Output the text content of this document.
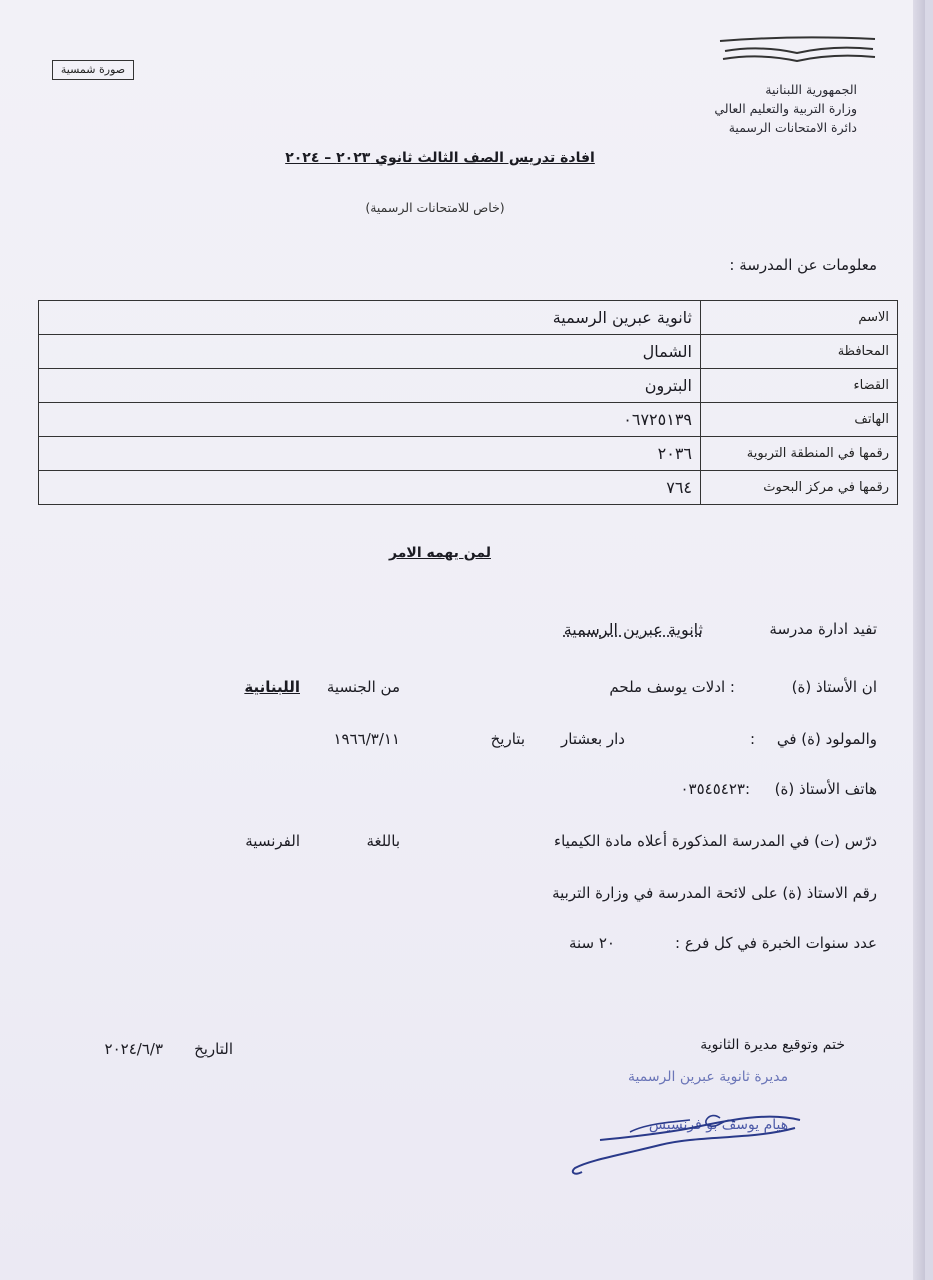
صورة شمسية
الجمهورية اللبنانية
وزارة التربية والتعليم العالي
دائرة الامتحانات الرسمية
افادة تدريس الصف الثالث ثانوي ٢٠٢٣ – ٢٠٢٤
(خاص للامتحانات الرسمية)
معلومات عن المدرسة :
الاسم	ثانوية عبرين الرسمية
المحافظة	الشمال
القضاء	البترون
الهاتف	٠٦٧٢٥١٣٩
رقمها في المنطقة التربوية	٢٠٣٦
رقمها في مركز البحوث	٧٦٤
لمن يهمه الامر
تفيد ادارة مدرسة
ثانوية عبرين الرسمية
ان الأستاذ (ة)
: ادلات يوسف ملحم
من الجنسية
اللبنانية
والمولود (ة) في
:
دار بعشتار
بتاريخ
١٩٦٦/٣/١١
هاتف الأستاذ (ة)
:٠٣٥٤٥٤٢٣
درّس (ت) في المدرسة المذكورة أعلاه مادة الكيمياء
باللغة
الفرنسية
رقم الاستاذ (ة) على لائحة المدرسة في وزارة التربية
عدد سنوات الخبرة في كل فرع :
٢٠ سنة
ختم وتوقيع مديرة الثانوية
التاريخ
٢٠٢٤/٦/٣
مديرة ثانوية عبرين الرسمية
هيام يوسف بو فرنسيس
